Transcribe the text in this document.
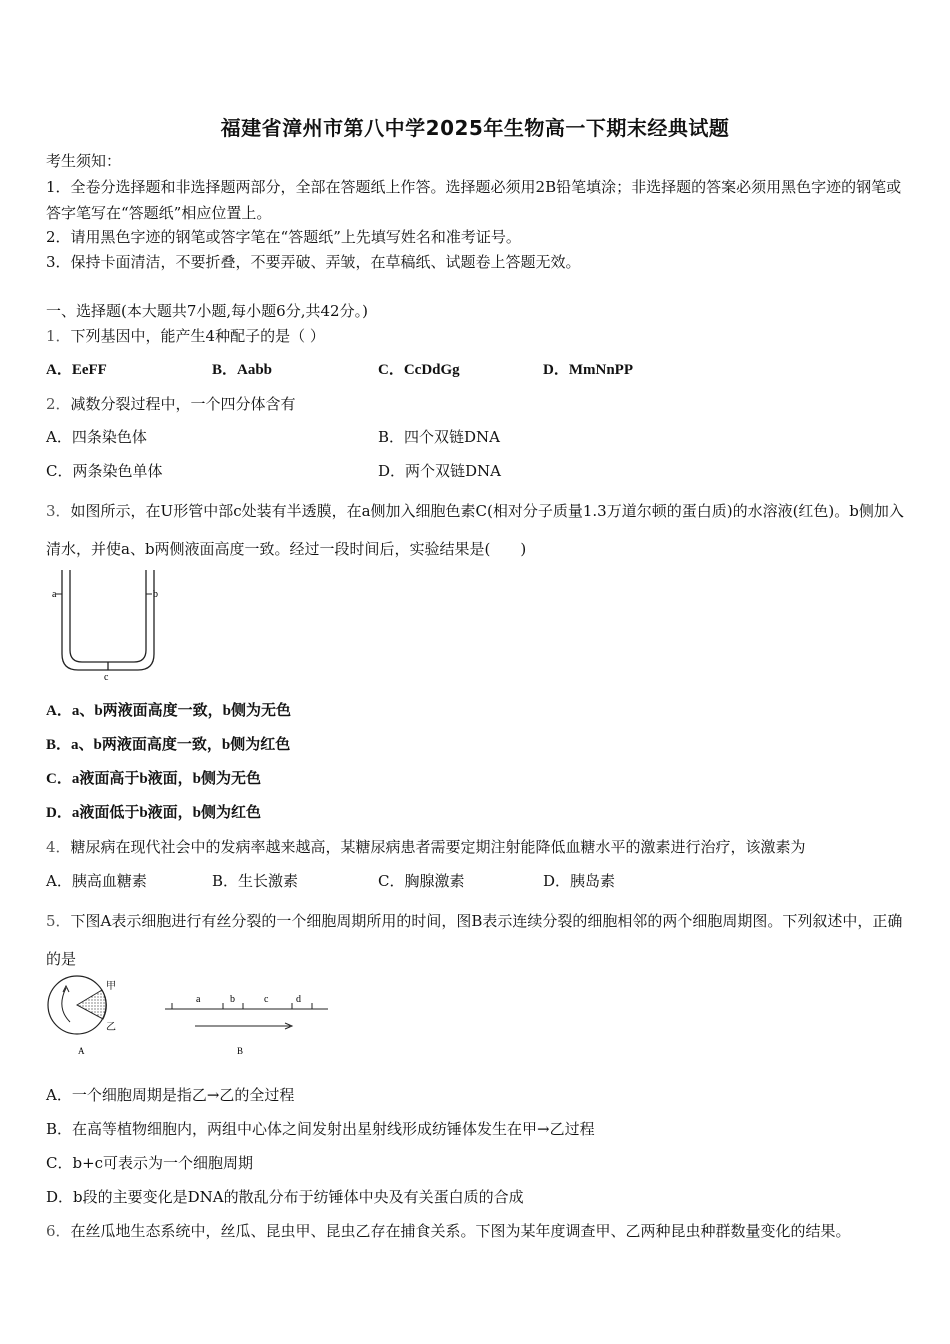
福建省漳州市第八中学2025年生物高一下期末经典试题
考生须知：
1．全卷分选择题和非选择题两部分，全部在答题纸上作答。选择题必须用2B铅笔填涂；非选择题的答案必须用黑色字迹的钢笔或答字笔写在“答题纸”相应位置上。
2．请用黑色字迹的钢笔或答字笔在“答题纸”上先填写姓名和准考证号。
3．保持卡面清洁，不要折叠，不要弄破、弄皱，在草稿纸、试题卷上答题无效。
一、选择题(本大题共7小题,每小题6分,共42分。)
1．下列基因中，能产生4种配子的是（ ）
A．EeFF	B．Aabb	C．CcDdGg	D．MmNnPP
2．减数分裂过程中，一个四分体含有
A．四条染色体	B．四个双链DNA
C．两条染色单体	D．两个双链DNA
3．如图所示，在U形管中部c处装有半透膜，在a侧加入细胞色素C(相对分子质量1.3万道尔顿的蛋白质)的水溶液(红色)。b侧加入清水，并使a、b两侧液面高度一致。经过一段时间后，实验结果是(　　)
a	b
c
A．a、b两液面高度一致，b侧为无色
B．a、b两液面高度一致，b侧为红色
C．a液面高于b液面，b侧为无色
D．a液面低于b液面，b侧为红色
4．糖尿病在现代社会中的发病率越来越高，某糖尿病患者需要定期注射能降低血糖水平的激素进行治疗，该激素为
A．胰高血糖素	B．生长激素	C．胸腺激素	D．胰岛素
5．下图A表示细胞进行有丝分裂的一个细胞周期所用的时间，图B表示连续分裂的细胞相邻的两个细胞周期图。下列叙述中，正确的是
甲
乙
A
a	b	c	d
B
A．一个细胞周期是指乙→乙的全过程
B．在高等植物细胞内，两组中心体之间发射出星射线形成纺锤体发生在甲→乙过程
C．b+c可表示为一个细胞周期
D．b段的主要变化是DNA的散乱分布于纺锤体中央及有关蛋白质的合成
6．在丝瓜地生态系统中，丝瓜、昆虫甲、昆虫乙存在捕食关系。下图为某年度调查甲、乙两种昆虫种群数量变化的结果。
